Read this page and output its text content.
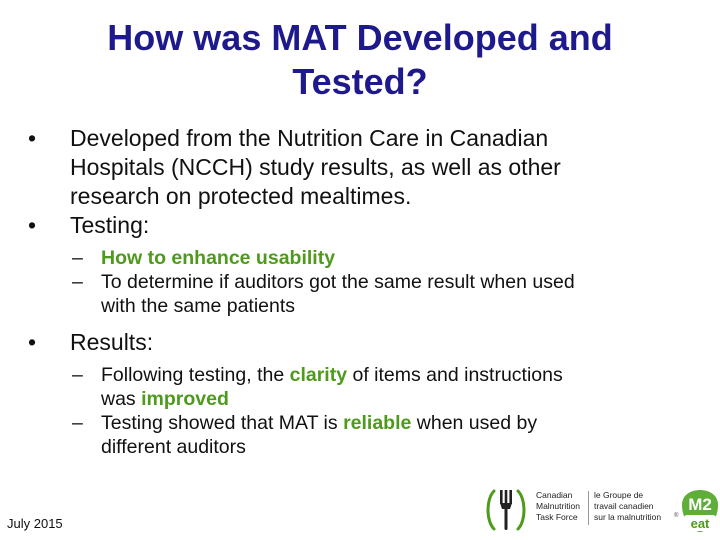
How was MAT Developed and
Tested?
• Developed from the Nutrition Care in Canadian
Hospitals (NCCH) study results, as well as other
research on protected mealtimes.
• Testing:
– How to enhance usability
– To determine if auditors got the same result when used
with the same patients
• Results:
– Following testing, the clarity of items and instructions
was improved
– Testing showed that MAT is reliable when used by
different auditors
July 2015
Canadian
Malnutrition
Task Force
le Groupe de
travail canadien
sur la malnutrition ®
M2
eat
